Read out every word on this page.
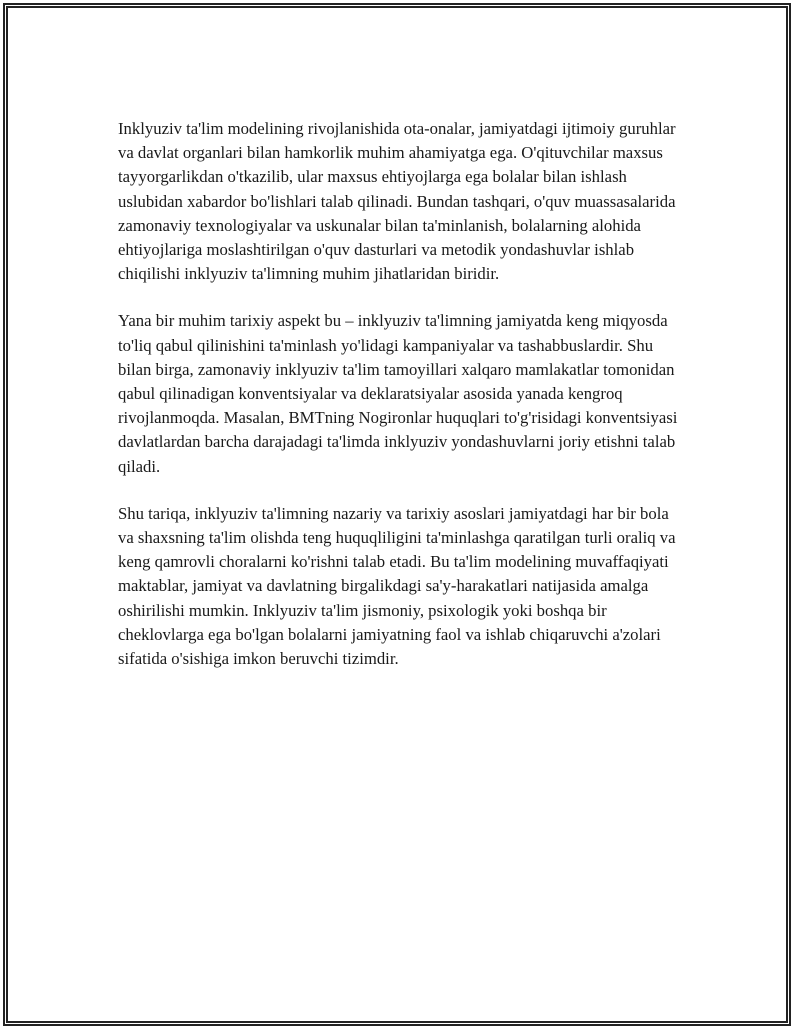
Inklyuziv ta'lim modelining rivojlanishida ota-onalar, jamiyatdagi ijtimoiy guruhlar va davlat organlari bilan hamkorlik muhim ahamiyatga ega. O'qituvchilar maxsus tayyorgarlikdan o'tkazilib, ular maxsus ehtiyojlarga ega bolalar bilan ishlash uslubidan xabardor bo'lishlari talab qilinadi. Bundan tashqari, o'quv muassasalarida zamonaviy texnologiyalar va uskunalar bilan ta'minlanish, bolalarning alohida ehtiyojlariga moslashtirilgan o'quv dasturlari va metodik yondashuvlar ishlab chiqilishi inklyuziv ta'limning muhim jihatlaridan biridir.

Yana bir muhim tarixiy aspekt bu – inklyuziv ta'limning jamiyatda keng miqyosda to'liq qabul qilinishini ta'minlash yo'lidagi kampaniyalar va tashabbuslardir. Shu bilan birga, zamonaviy inklyuziv ta'lim tamoyillari xalqaro mamlakatlar tomonidan qabul qilinadigan konventsiyalar va deklaratsiyalar asosida yanada kengroq rivojlanmoqda. Masalan, BMTning Nogironlar huquqlari to'g'risidagi konventsiyasi davlatlardan barcha darajadagi ta'limda inklyuziv yondashuvlarni joriy etishni talab qiladi.

Shu tariqa, inklyuziv ta'limning nazariy va tarixiy asoslari jamiyatdagi har bir bola va shaxsning ta'lim olishda teng huquqliligini ta'minlashga qaratilgan turli oraliq va keng qamrovli choralarni ko'rishni talab etadi. Bu ta'lim modelining muvaffaqiyati maktablar, jamiyat va davlatning birgalikdagi sa'y-harakatlari natijasida amalga oshirilishi mumkin. Inklyuziv ta'lim jismoniy, psixologik yoki boshqa bir cheklovlarga ega bo'lgan bolalarni jamiyatning faol va ishlab chiqaruvchi a'zolari sifatida o'sishiga imkon beruvchi tizimdir.
